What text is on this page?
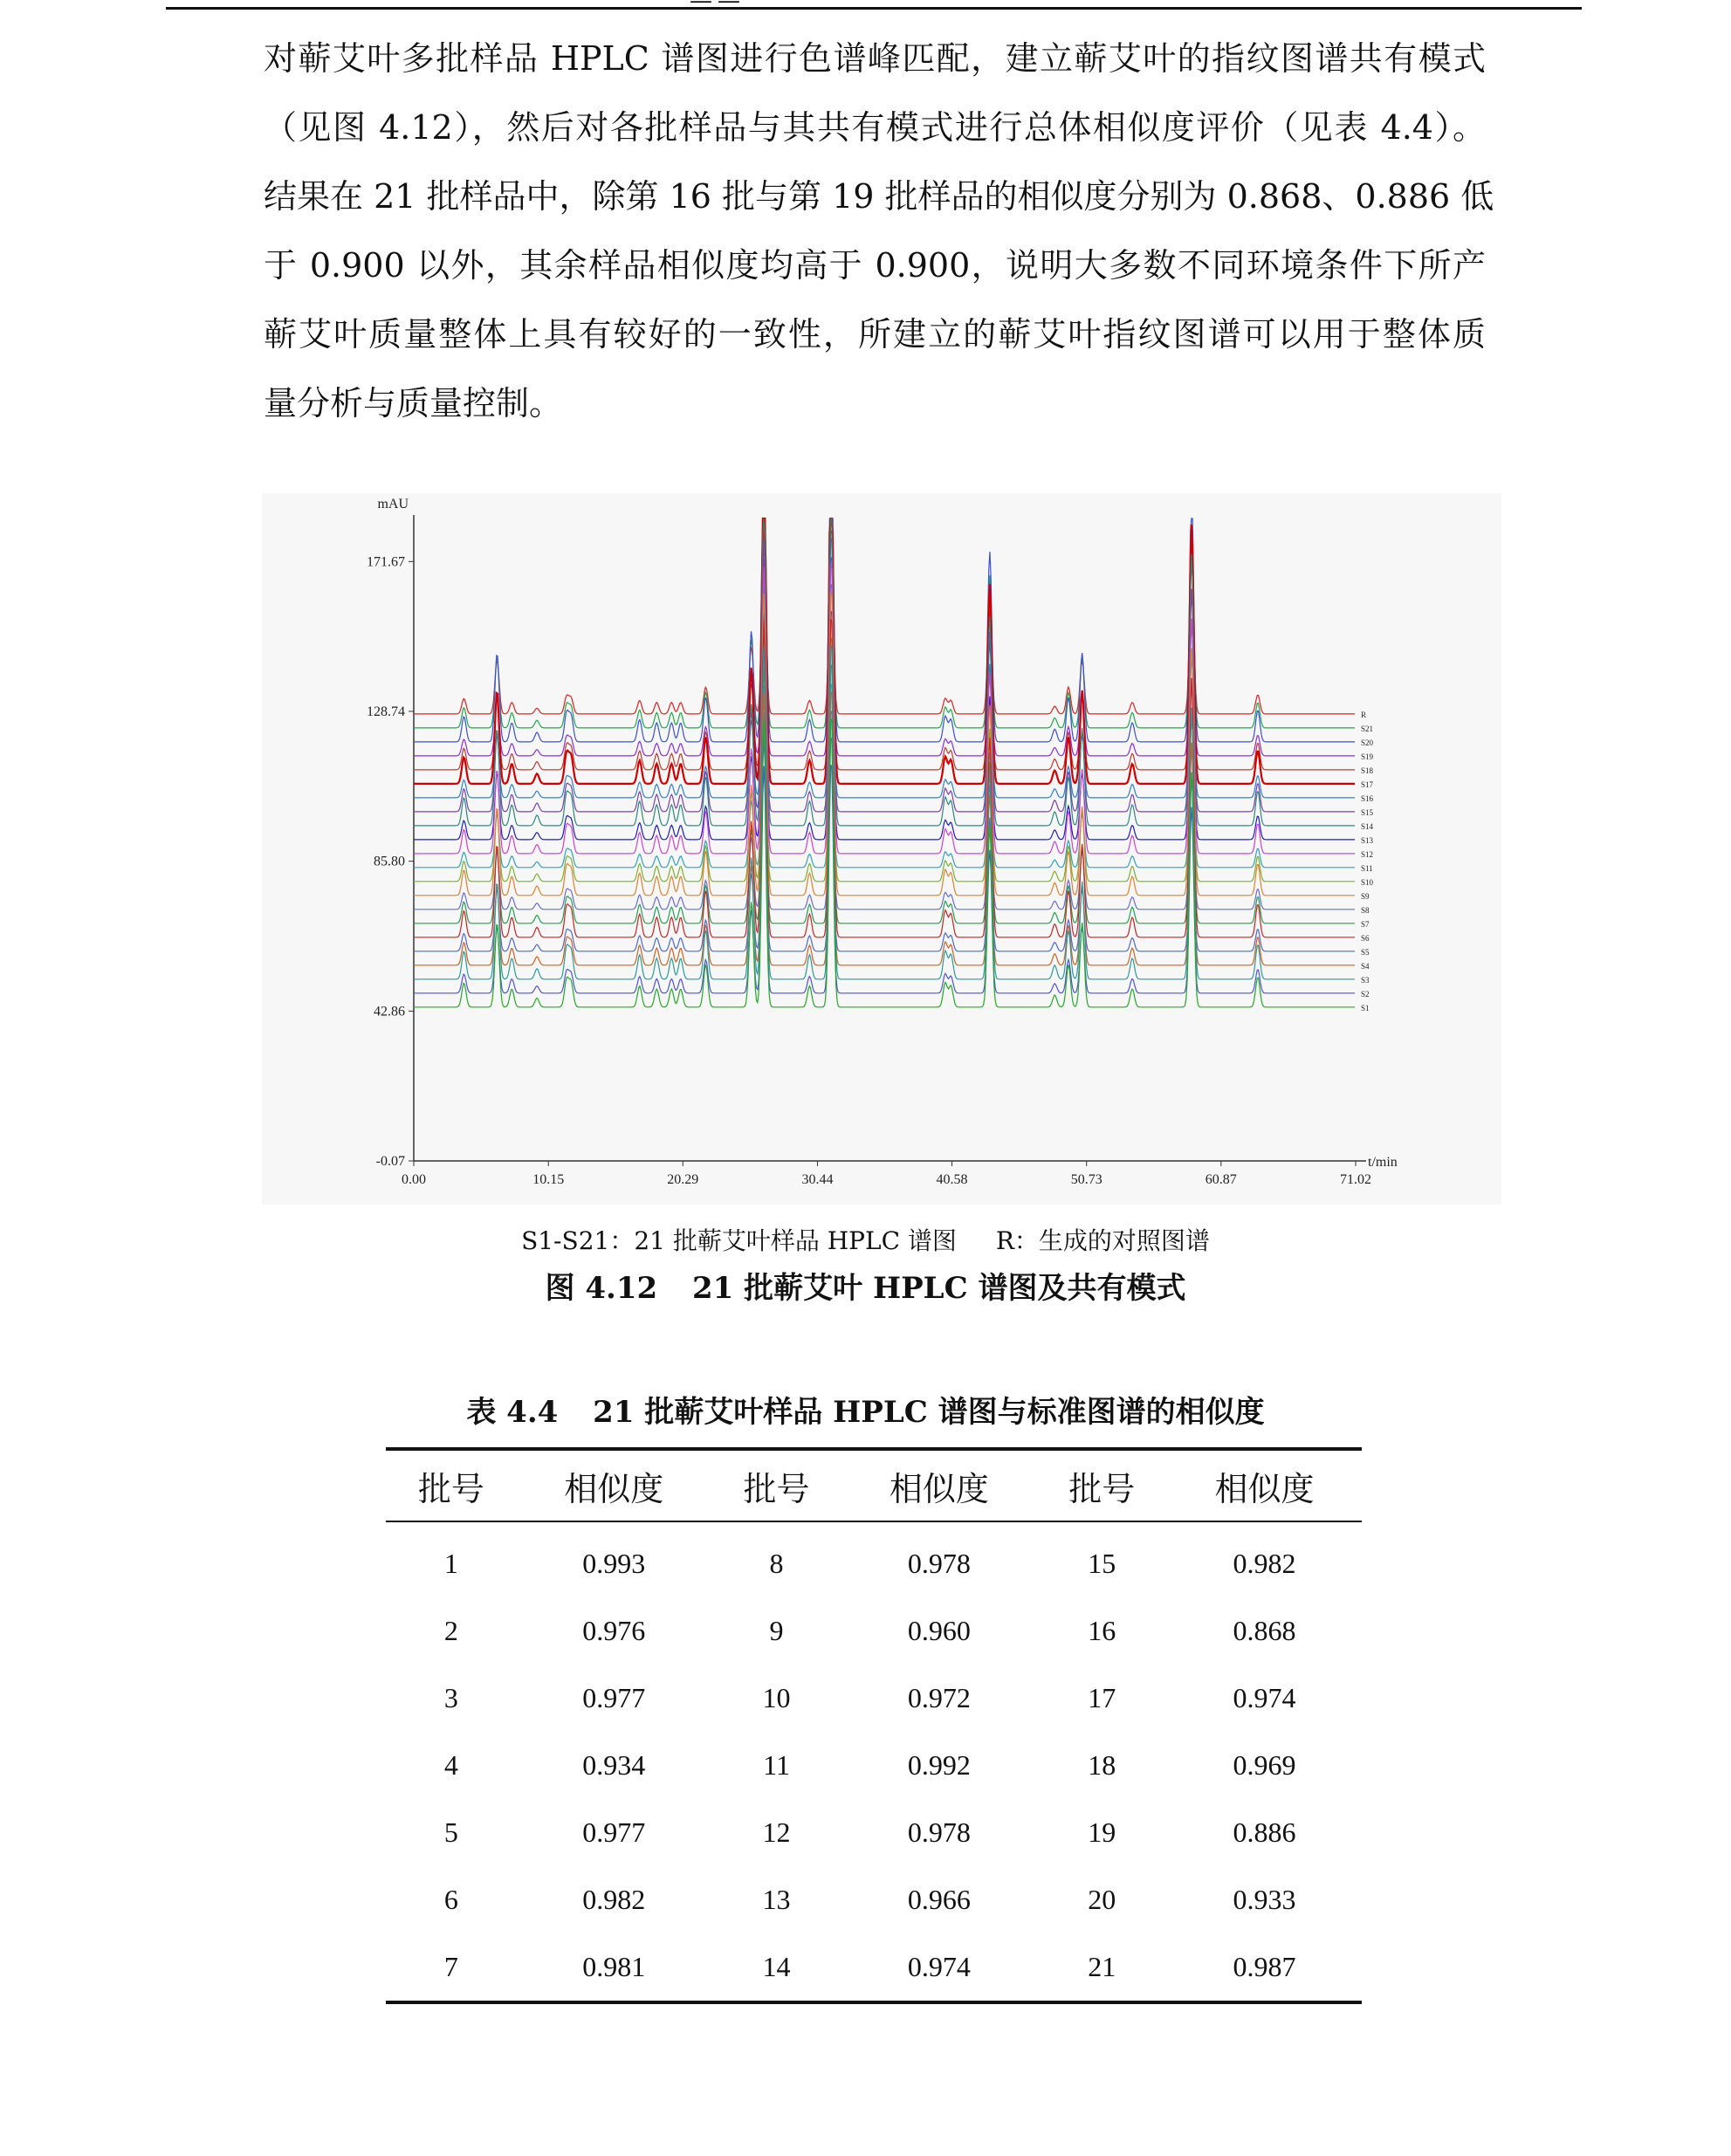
——
对蕲艾叶多批样品 HPLC 谱图进行色谱峰匹配，建立蕲艾叶的指纹图谱共有模式
（见图 4.12），然后对各批样品与其共有模式进行总体相似度评价（见表 4.4）。
结果在 21 批样品中，除第 16 批与第 19 批样品的相似度分别为 0.868、0.886 低
于 0.900 以外，其余样品相似度均高于 0.900，说明大多数不同环境条件下所产
蕲艾叶质量整体上具有较好的一致性，所建立的蕲艾叶指纹图谱可以用于整体质
量分析与质量控制。
mAU
t/min
-0.07
42.86
85.80
128.74
171.67
0.00	10.15	20.29	30.44	40.58	50.73	60.87	71.02
R
S21
S20
S19
S18
S17
S16
S15
S14
S13
S12
S11
S10
S9
S8
S7
S6
S5
S4
S3
S2
S1
S1-S21：21 批蕲艾叶样品 HPLC 谱图 R：生成的对照图谱
图 4.12 21 批蕲艾叶 HPLC 谱图及共有模式
表 4.4 21 批蕲艾叶样品 HPLC 谱图与标准图谱的相似度
批号	相似度	批号	相似度	批号	相似度
1	0.993	8	0.978	15	0.982
2	0.976	9	0.960	16	0.868
3	0.977	10	0.972	17	0.974
4	0.934	11	0.992	18	0.969
5	0.977	12	0.978	19	0.886
6	0.982	13	0.966	20	0.933
7	0.981	14	0.974	21	0.987
